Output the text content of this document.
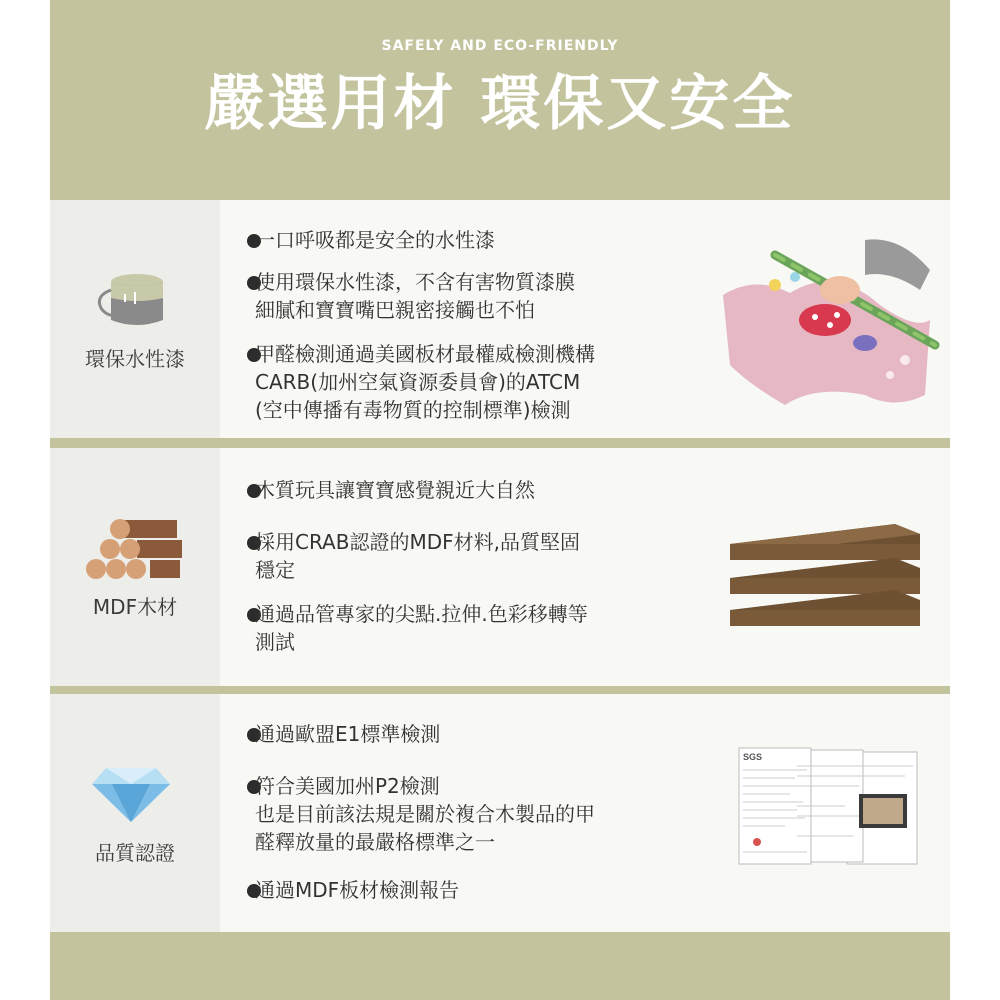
SAFELY AND ECO-FRIENDLY
嚴選用材 環保又安全
環保水性漆
一口呼吸都是安全的水性漆
使用環保水性漆，不含有害物質漆膜
細膩和寶寶嘴巴親密接觸也不怕
甲醛檢測通過美國板材最權威檢測機構
CARB(加州空氣資源委員會)的ATCM
(空中傳播有毒物質的控制標準)檢測
MDF木材
木質玩具讓寶寶感覺親近大自然
採用CRAB認證的MDF材料,品質堅固
穩定
通過品管專家的尖點.拉伸.色彩移轉等
測試
品質認證
通過歐盟E1標準檢測
符合美國加州P2檢測
也是目前該法規是關於複合木製品的甲
醛釋放量的最嚴格標準之一
通過MDF板材檢測報告
SGS
